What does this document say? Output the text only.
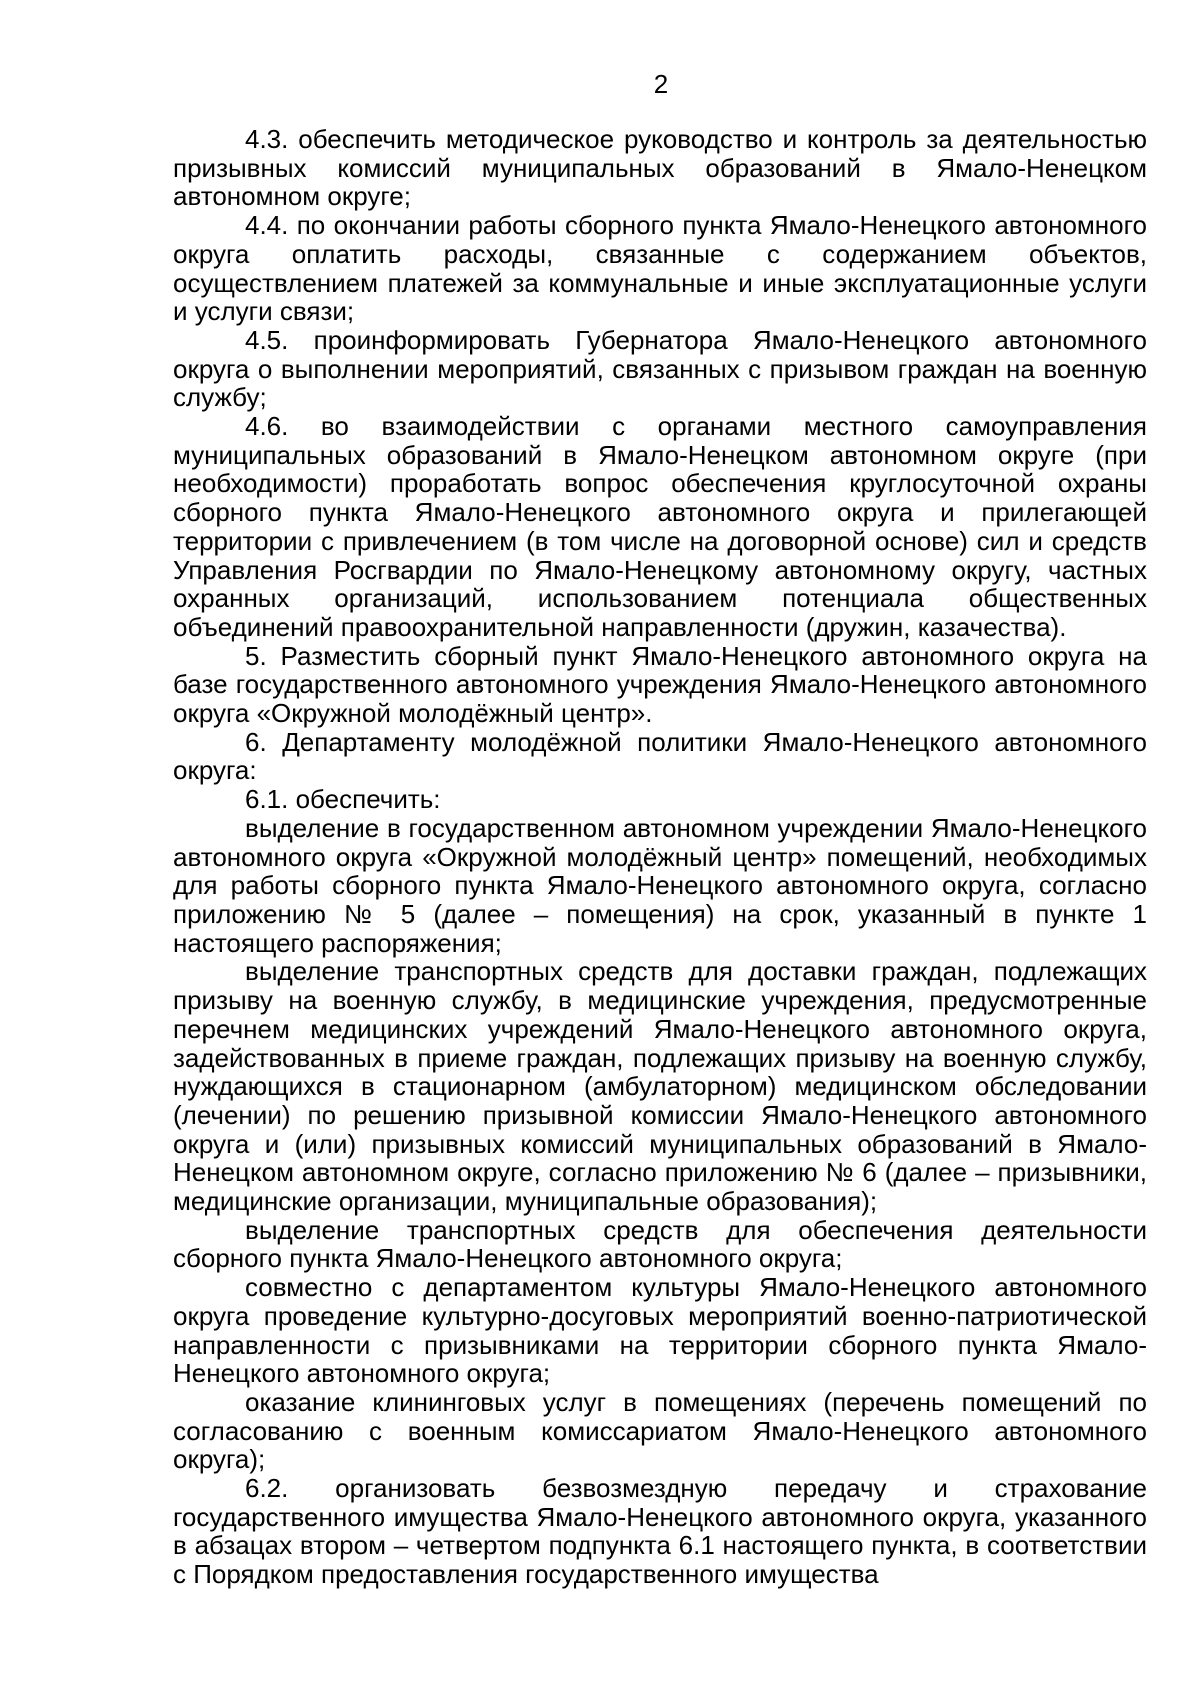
2

4.3. обеспечить методическое руководство и контроль за деятельностью призывных комиссий муниципальных образований в Ямало-Ненецком автономном округе;

4.4. по окончании работы сборного пункта Ямало-Ненецкого автономного округа оплатить расходы, связанные с содержанием объектов, осуществлением платежей за коммунальные и иные эксплуатационные услуги и услуги связи;

4.5. проинформировать Губернатора Ямало-Ненецкого автономного округа о выполнении мероприятий, связанных с призывом граждан на военную службу;

4.6. во взаимодействии с органами местного самоуправления муниципальных образований в Ямало-Ненецком автономном округе (при необходимости) проработать вопрос обеспечения круглосуточной охраны сборного пункта Ямало-Ненецкого автономного округа и прилегающей территории с привлечением (в том числе на договорной основе) сил и средств Управления Росгвардии по Ямало-Ненецкому автономному округу, частных охранных организаций, использованием потенциала общественных объединений правоохранительной направленности (дружин, казачества).

5. Разместить сборный пункт Ямало-Ненецкого автономного округа на базе государственного автономного учреждения Ямало-Ненецкого автономного округа «Окружной молодёжный центр».

6. Департаменту молодёжной политики Ямало-Ненецкого автономного округа:

6.1. обеспечить:

выделение в государственном автономном учреждении Ямало-Ненецкого автономного округа «Окружной молодёжный центр» помещений, необходимых для работы сборного пункта Ямало-Ненецкого автономного округа, согласно приложению № 5 (далее – помещения) на срок, указанный в пункте 1 настоящего распоряжения;

выделение транспортных средств для доставки граждан, подлежащих призыву на военную службу, в медицинские учреждения, предусмотренные перечнем медицинских учреждений Ямало-Ненецкого автономного округа, задействованных в приеме граждан, подлежащих призыву на военную службу, нуждающихся в стационарном (амбулаторном) медицинском обследовании (лечении) по решению призывной комиссии Ямало-Ненецкого автономного округа и (или) призывных комиссий муниципальных образований в Ямало-Ненецком автономном округе, согласно приложению № 6 (далее – призывники, медицинские организации, муниципальные образования);

выделение транспортных средств для обеспечения деятельности сборного пункта Ямало-Ненецкого автономного округа;

совместно с департаментом культуры Ямало-Ненецкого автономного округа проведение культурно-досуговых мероприятий военно-патриотической направленности с призывниками на территории сборного пункта Ямало-Ненецкого автономного округа;

оказание клининговых услуг в помещениях (перечень помещений по согласованию с военным комиссариатом Ямало-Ненецкого автономного округа);

6.2. организовать безвозмездную передачу и страхование государственного имущества Ямало-Ненецкого автономного округа, указанного в абзацах втором – четвертом подпункта 6.1 настоящего пункта, в соответствии с Порядком предоставления государственного имущества
